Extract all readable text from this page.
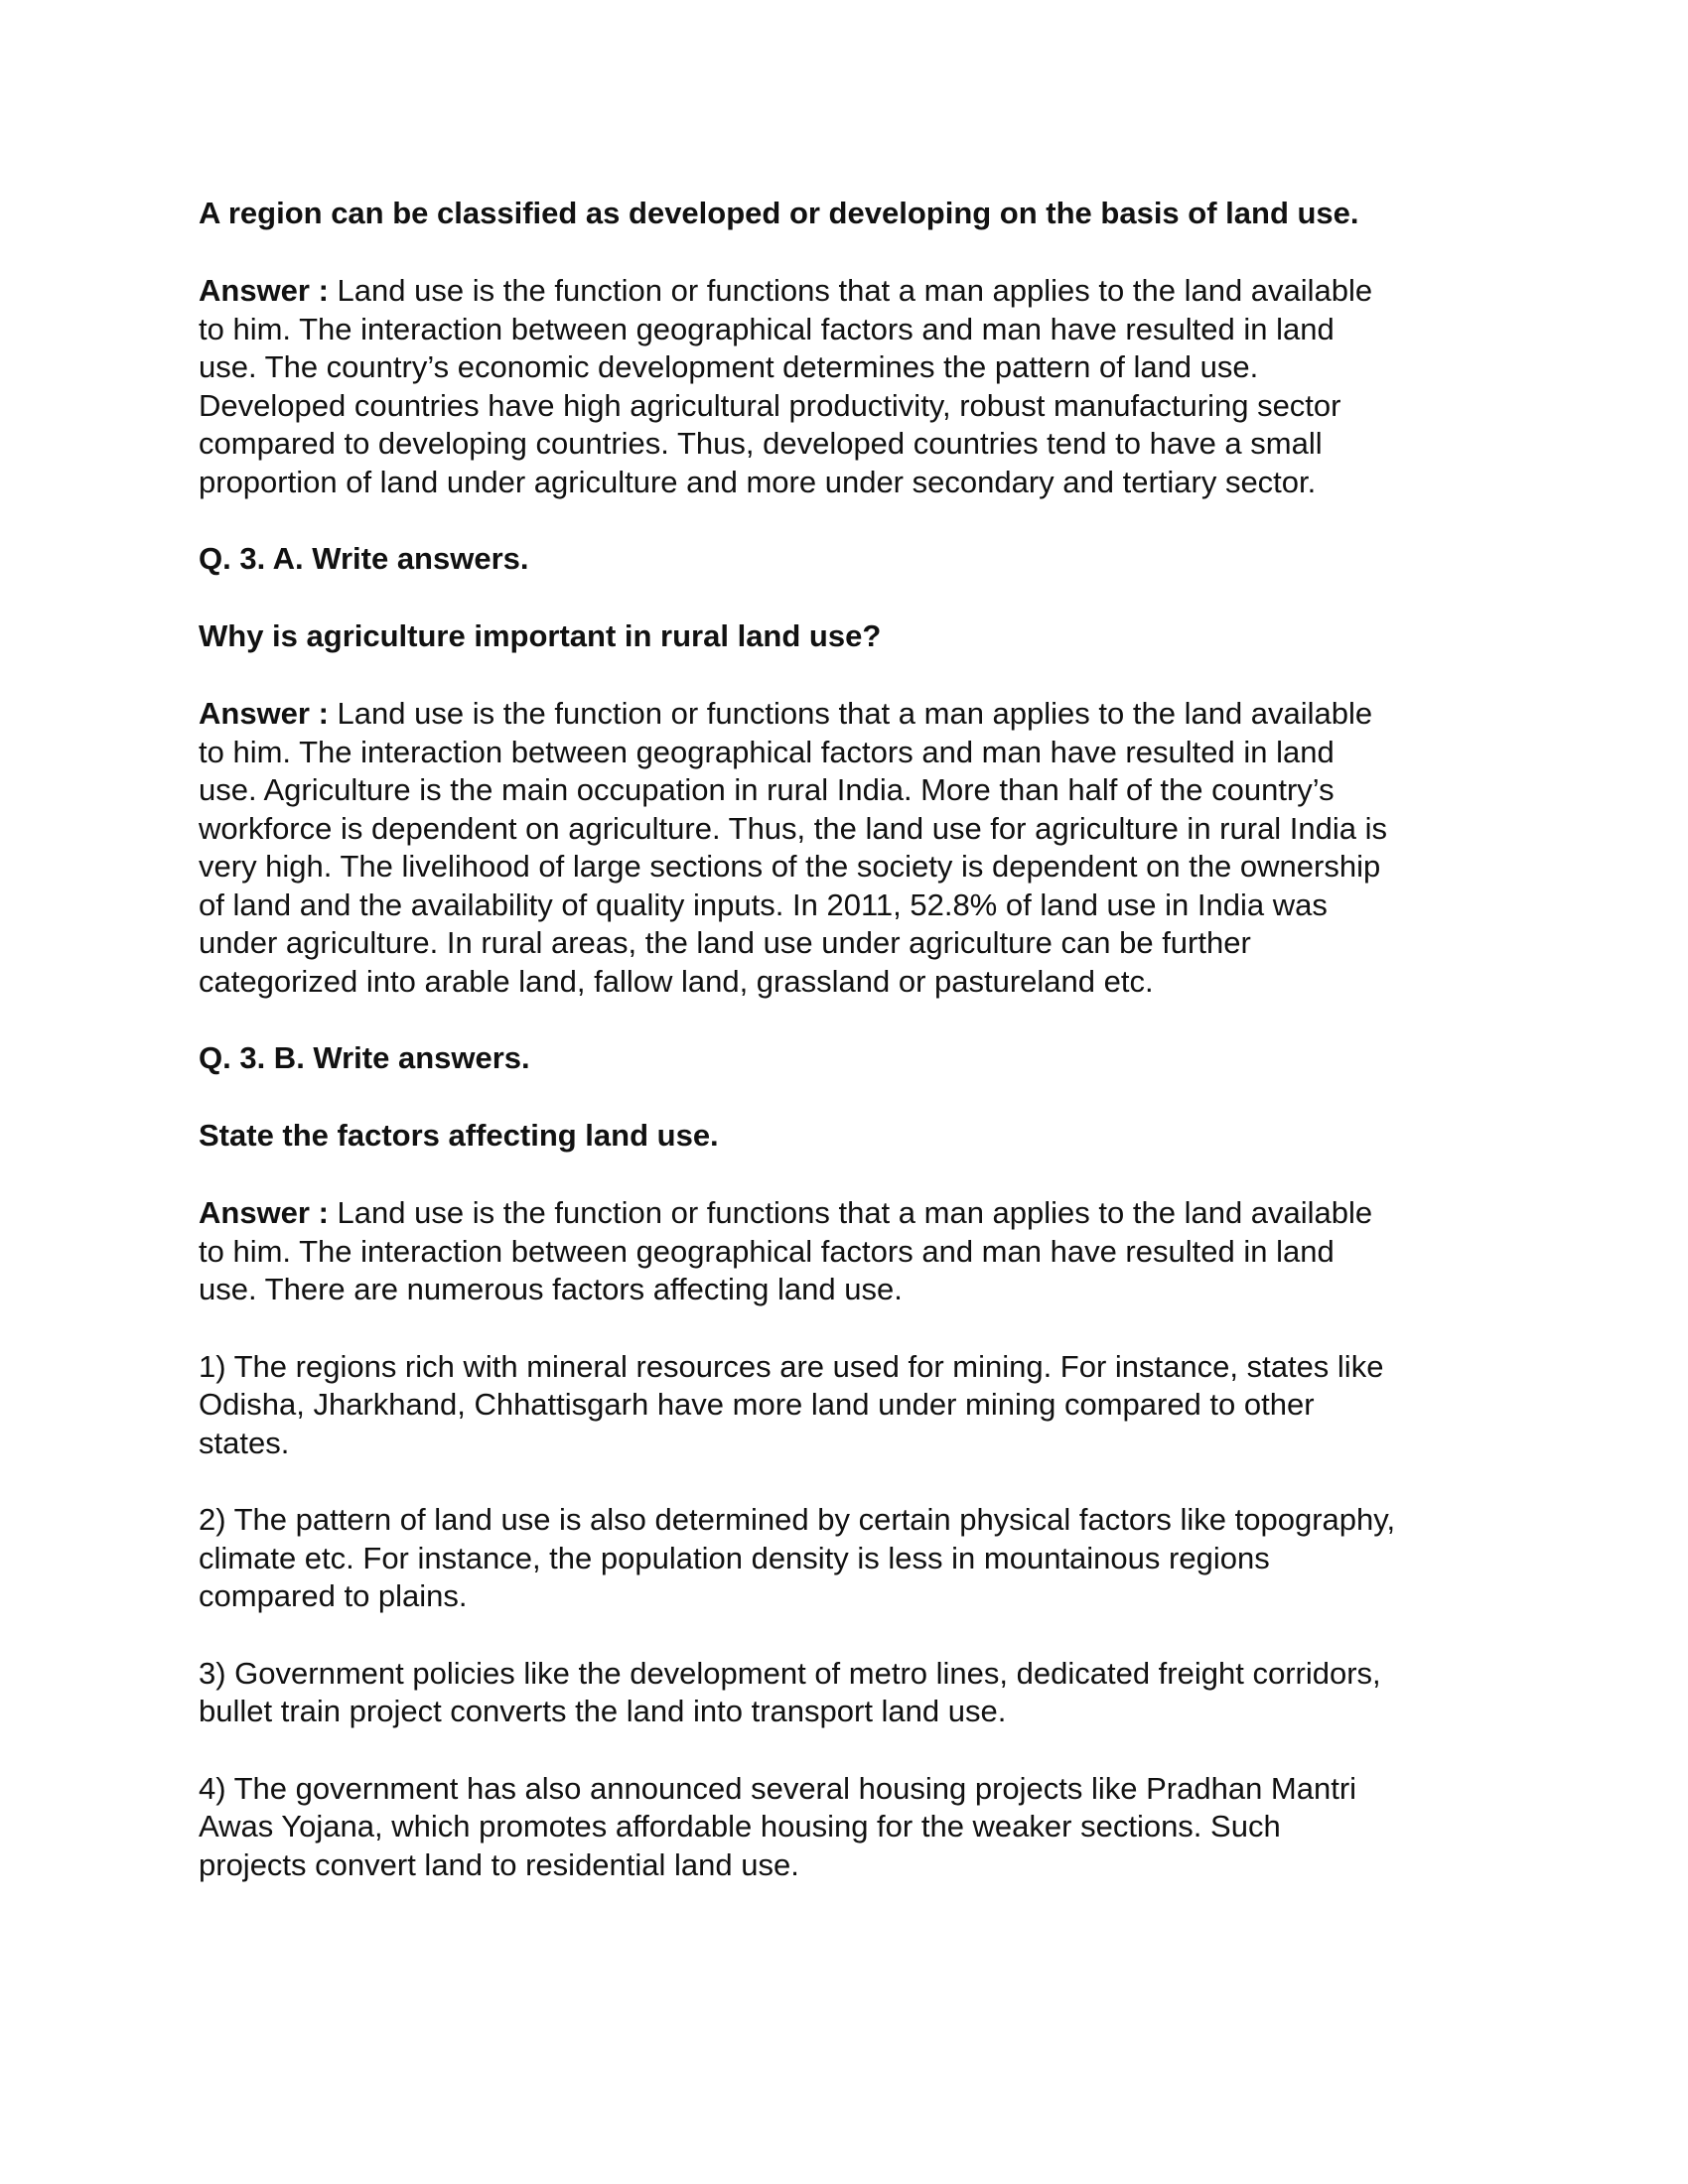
A region can be classified as developed or developing on the basis of land use.
Answer : Land use is the function or functions that a man applies to the land available
to him. The interaction between geographical factors and man have resulted in land
use. The country’s economic development determines the pattern of land use.
Developed countries have high agricultural productivity, robust manufacturing sector
compared to developing countries. Thus, developed countries tend to have a small
proportion of land under agriculture and more under secondary and tertiary sector.
Q. 3. A. Write answers.
Why is agriculture important in rural land use?
Answer : Land use is the function or functions that a man applies to the land available
to him. The interaction between geographical factors and man have resulted in land
use. Agriculture is the main occupation in rural India. More than half of the country’s
workforce is dependent on agriculture. Thus, the land use for agriculture in rural India is
very high. The livelihood of large sections of the society is dependent on the ownership
of land and the availability of quality inputs. In 2011, 52.8% of land use in India was
under agriculture. In rural areas, the land use under agriculture can be further
categorized into arable land, fallow land, grassland or pastureland etc.
Q. 3. B. Write answers.
State the factors affecting land use.
Answer : Land use is the function or functions that a man applies to the land available
to him. The interaction between geographical factors and man have resulted in land
use. There are numerous factors affecting land use.
1) The regions rich with mineral resources are used for mining. For instance, states like
Odisha, Jharkhand, Chhattisgarh have more land under mining compared to other
states.
2) The pattern of land use is also determined by certain physical factors like topography,
climate etc. For instance, the population density is less in mountainous regions
compared to plains.
3) Government policies like the development of metro lines, dedicated freight corridors,
bullet train project converts the land into transport land use.
4) The government has also announced several housing projects like Pradhan Mantri
Awas Yojana, which promotes affordable housing for the weaker sections. Such
projects convert land to residential land use.
